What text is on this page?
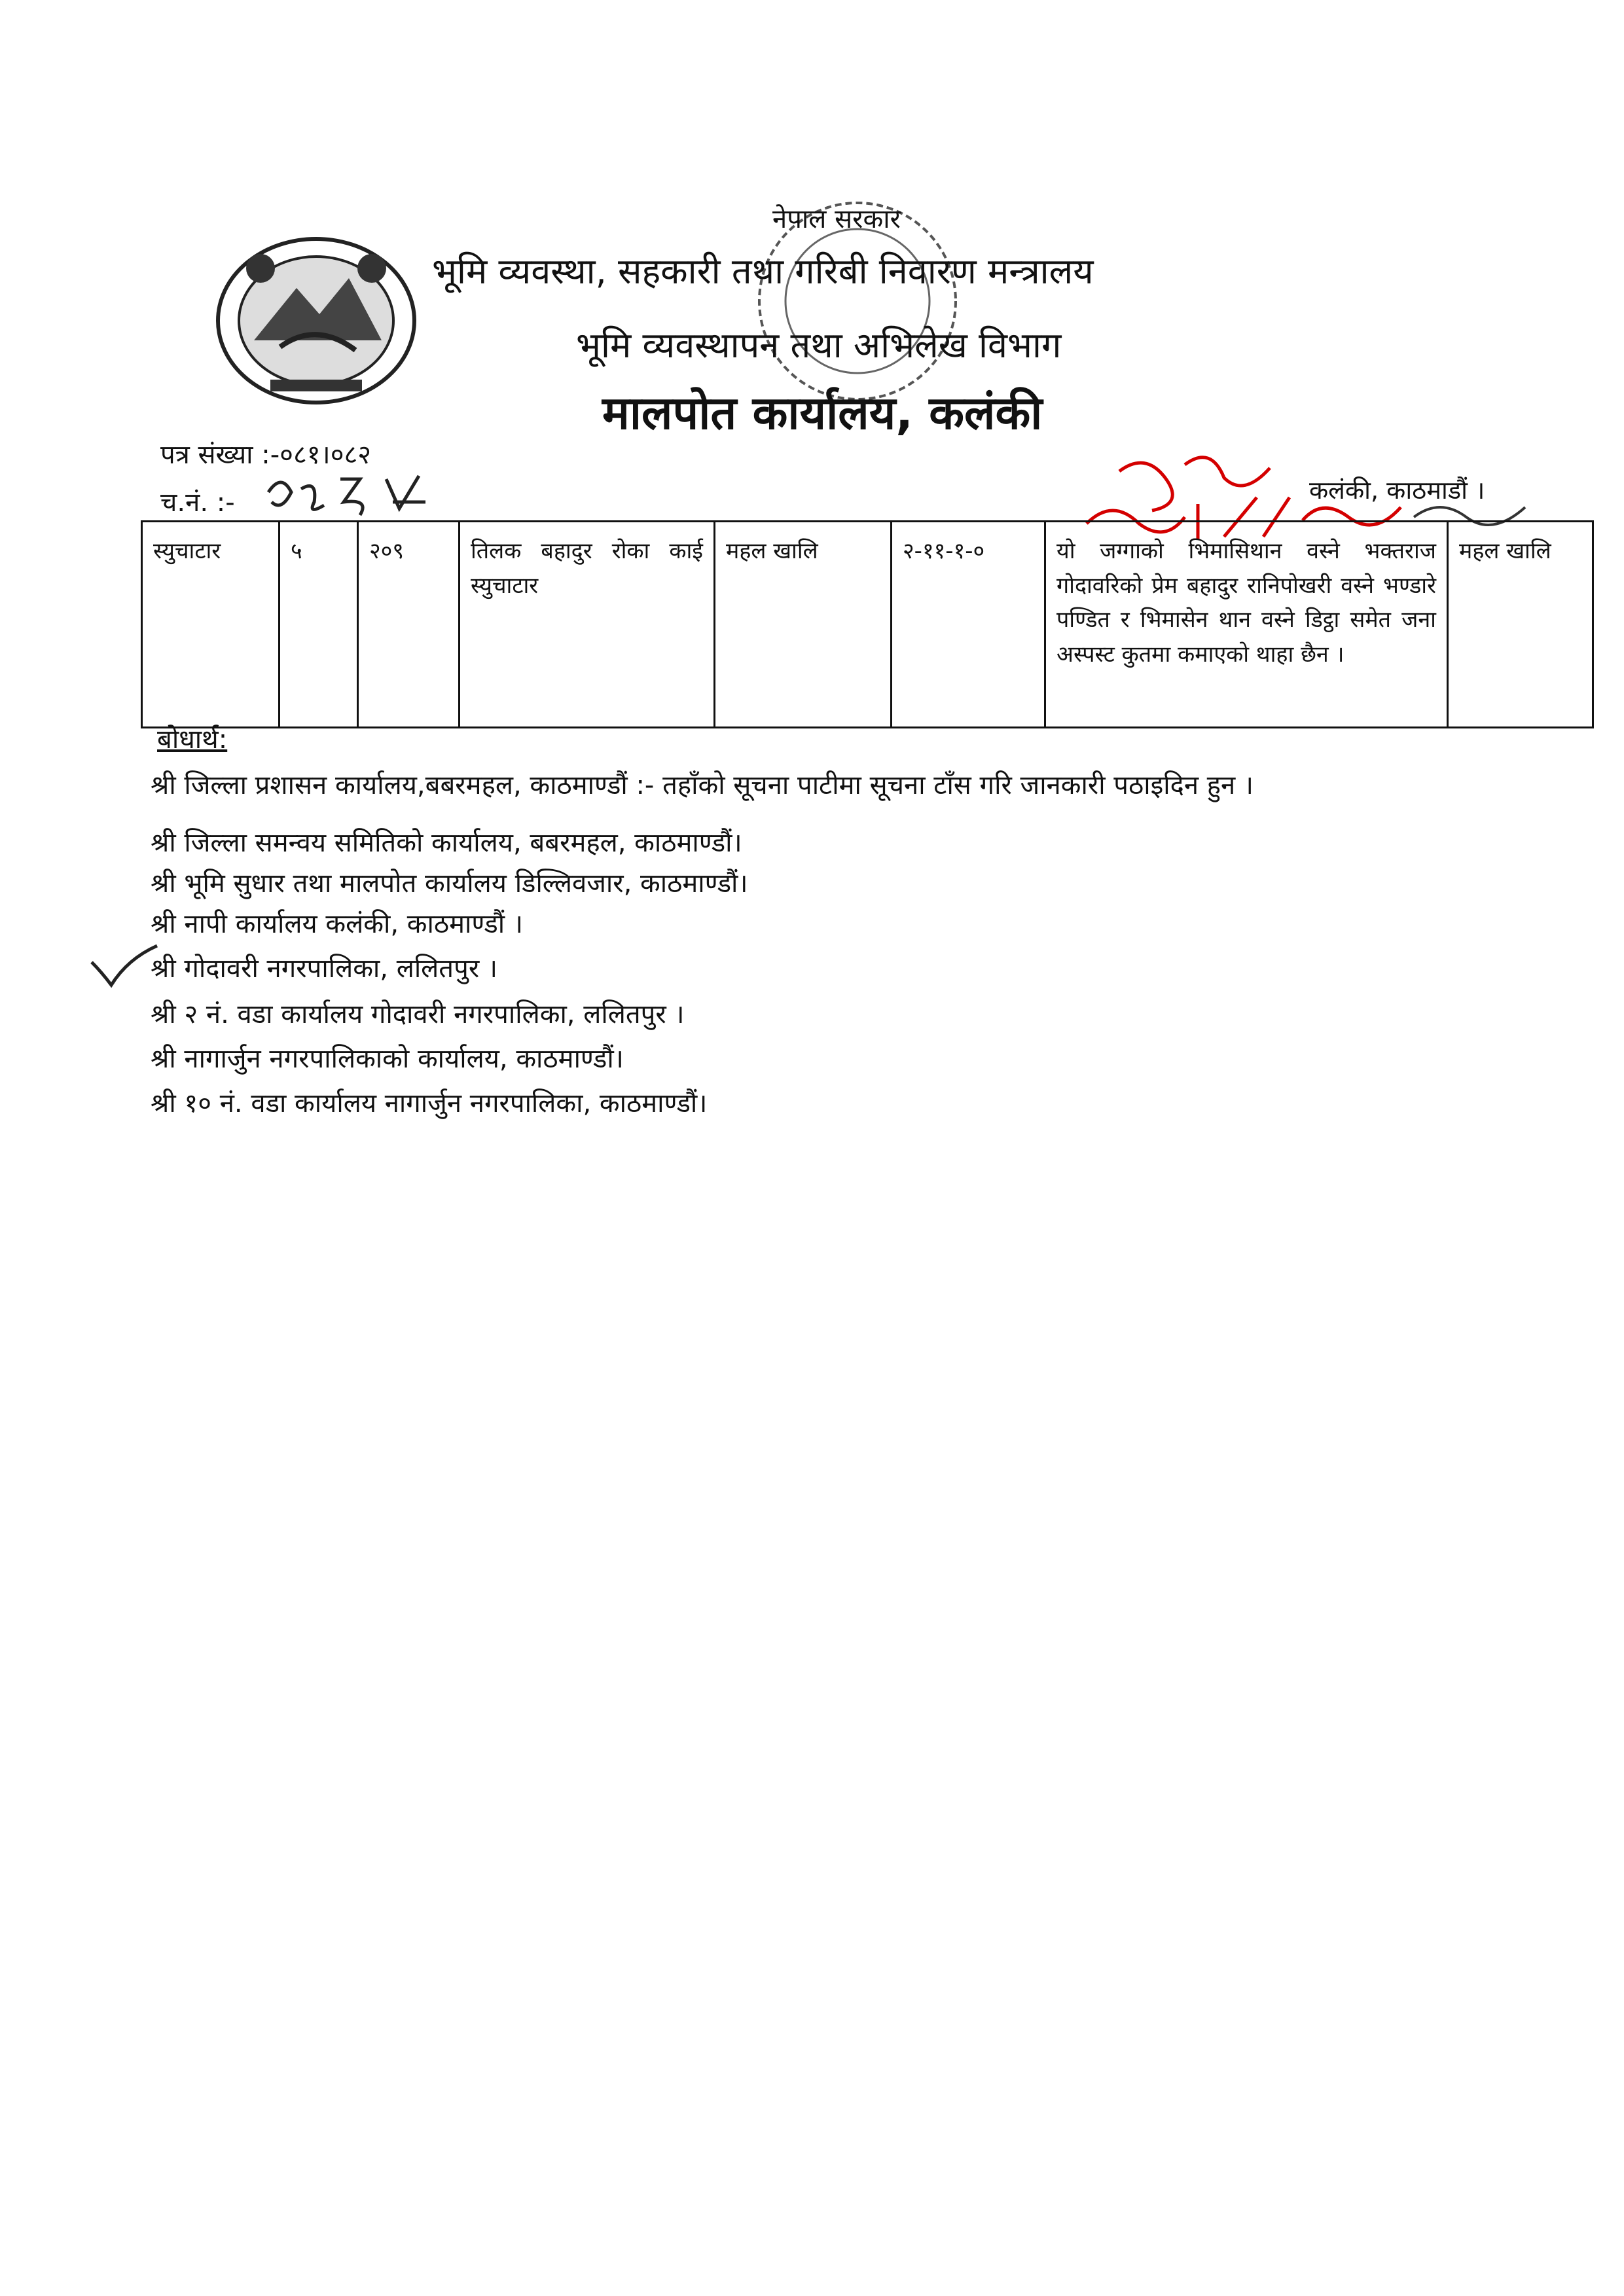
नेपाल सरकार
भूमि व्यवस्था, सहकारी तथा गरिबी निवारण मन्त्रालय
भूमि व्यवस्थापन तथा अभिलेख विभाग
मालपोत कार्यालय, कलंकी
पत्र संख्या :-०८१।०८२
च.नं. :-	कलंकी, काठमाडौं ।
स्युचाटार	५	२०९	तिलक बहादुर रोका काई स्युचाटार	महल खालि	२-११-१-०	यो जग्गाको भिमासिथान वस्ने भक्तराज गोदावरिको प्रेम बहादुर रानिपोखरी वस्ने भण्डारे पण्डित र भिमासेन थान वस्ने डिट्ठा समेत जना अस्पस्ट कुतमा कमाएको थाहा छैन ।	महल खालि
बोधार्थ:
श्री जिल्ला प्रशासन कार्यालय,बबरमहल, काठमाण्डौं :- तहाँको सूचना पाटीमा सूचना टाँस गरि जानकारी पठाइदिन हुन ।
श्री जिल्ला समन्वय समितिको कार्यालय, बबरमहल, काठमाण्डौं।
श्री भूमि सुधार तथा मालपोत कार्यालय डिल्लिवजार, काठमाण्डौं।
श्री नापी कार्यालय कलंकी, काठमाण्डौं ।
श्री गोदावरी नगरपालिका, ललितपुर ।
श्री २ नं. वडा कार्यालय गोदावरी नगरपालिका, ललितपुर ।
श्री नागार्जुन नगरपालिकाको कार्यालय, काठमाण्डौं।
श्री १० नं. वडा कार्यालय नागार्जुन नगरपालिका, काठमाण्डौं।
